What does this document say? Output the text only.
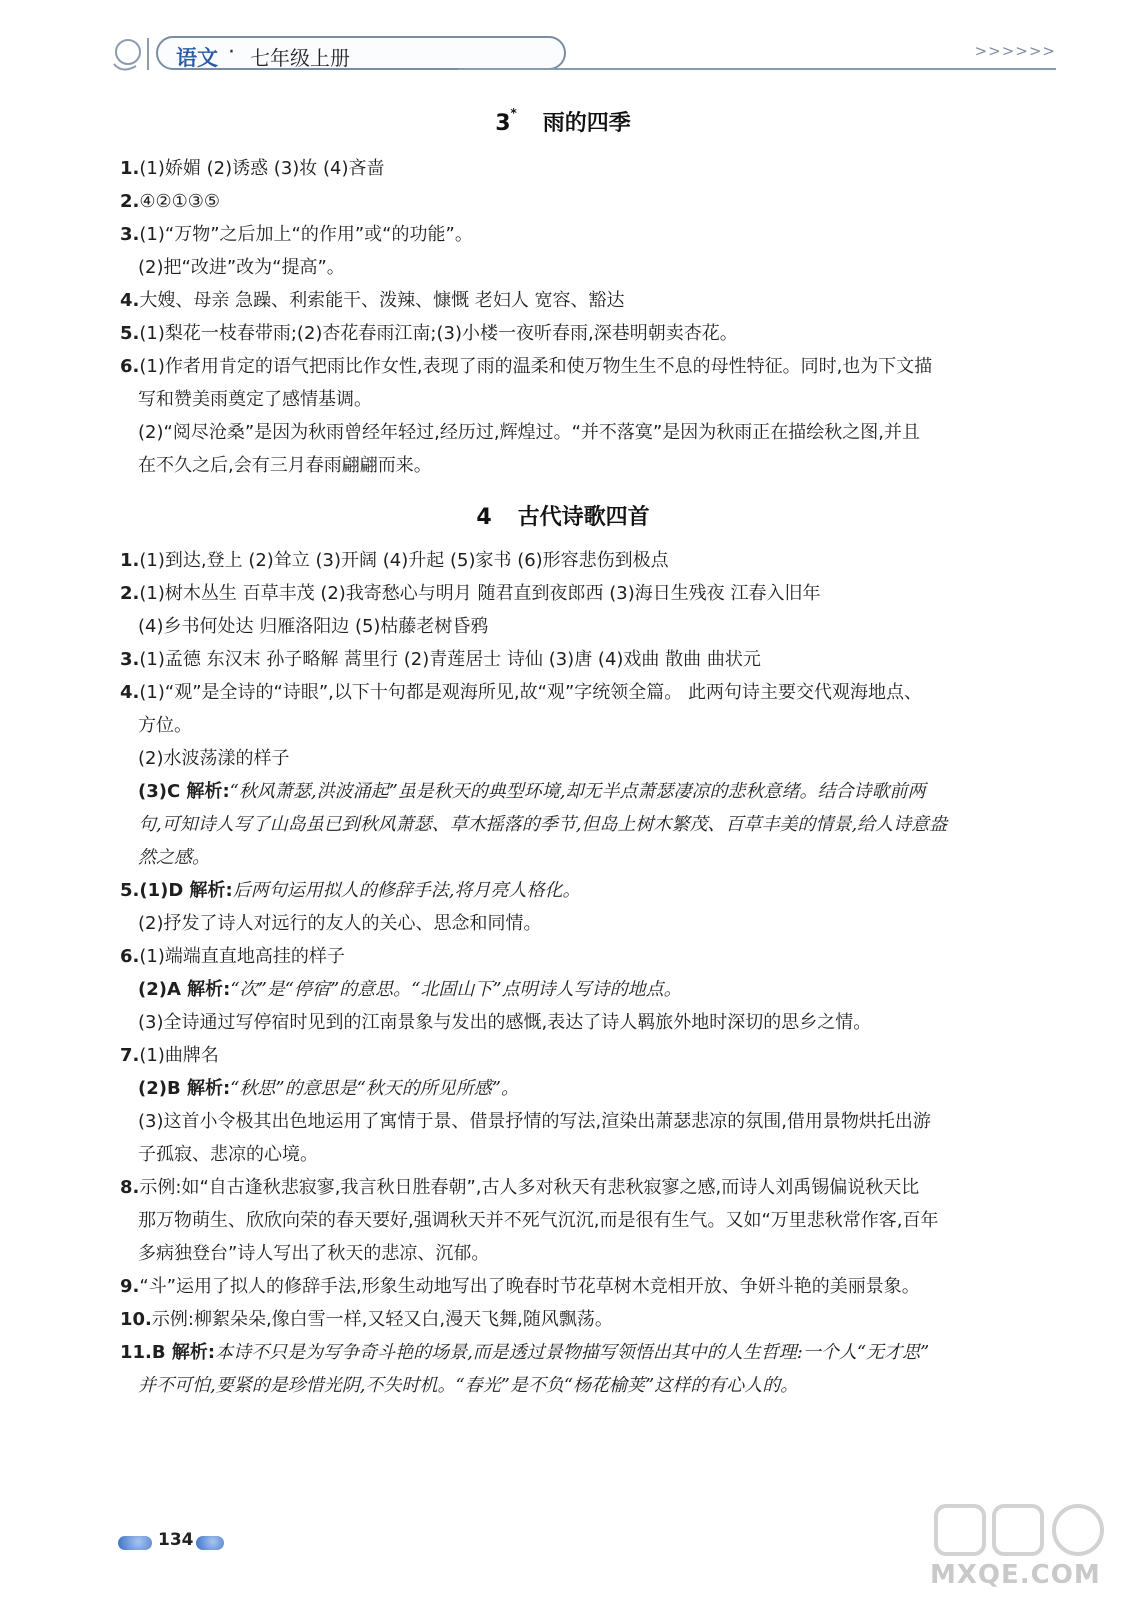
语文 · 七年级上册	>>>>>>
3* 雨的四季
4 古代诗歌四首
1.(1)娇媚 (2)诱惑 (3)妆 (4)吝啬
2.④②①③⑤
3.(1)“万物”之后加上“的作用”或“的功能”。
(2)把“改进”改为“提高”。
4.大嫂、母亲 急躁、利索能干、泼辣、慷慨 老妇人 宽容、豁达
5.(1)梨花一枝春带雨;(2)杏花春雨江南;(3)小楼一夜听春雨,深巷明朝卖杏花。
6.(1)作者用肯定的语气把雨比作女性,表现了雨的温柔和使万物生生不息的母性特征。同时,也为下文描
写和赞美雨奠定了感情基调。
(2)“阅尽沧桑”是因为秋雨曾经年轻过,经历过,辉煌过。“并不落寞”是因为秋雨正在描绘秋之图,并且
在不久之后,会有三月春雨翩翩而来。
1.(1)到达,登上 (2)耸立 (3)开阔 (4)升起 (5)家书 (6)形容悲伤到极点
2.(1)树木丛生 百草丰茂 (2)我寄愁心与明月 随君直到夜郎西 (3)海日生残夜 江春入旧年
(4)乡书何处达 归雁洛阳边 (5)枯藤老树昏鸦
3.(1)孟德 东汉末 孙子略解 蒿里行 (2)青莲居士 诗仙 (3)唐 (4)戏曲 散曲 曲状元
4.(1)“观”是全诗的“诗眼”,以下十句都是观海所见,故“观”字统领全篇。 此两句诗主要交代观海地点、
方位。
(2)水波荡漾的样子
(3)C 解析:“秋风萧瑟,洪波涌起”虽是秋天的典型环境,却无半点萧瑟凄凉的悲秋意绪。结合诗歌前两
句,可知诗人写了山岛虽已到秋风萧瑟、草木摇落的季节,但岛上树木繁茂、百草丰美的情景,给人诗意盎
然之感。
5.(1)D 解析:后两句运用拟人的修辞手法,将月亮人格化。
(2)抒发了诗人对远行的友人的关心、思念和同情。
6.(1)端端直直地高挂的样子
(2)A 解析:“次”是“停宿”的意思。“北固山下”点明诗人写诗的地点。
(3)全诗通过写停宿时见到的江南景象与发出的感慨,表达了诗人羁旅外地时深切的思乡之情。
7.(1)曲牌名
(2)B 解析:“秋思”的意思是“秋天的所见所感”。
(3)这首小令极其出色地运用了寓情于景、借景抒情的写法,渲染出萧瑟悲凉的氛围,借用景物烘托出游
子孤寂、悲凉的心境。
8.示例:如“自古逢秋悲寂寥,我言秋日胜春朝”,古人多对秋天有悲秋寂寥之感,而诗人刘禹锡偏说秋天比
那万物萌生、欣欣向荣的春天要好,强调秋天并不死气沉沉,而是很有生气。又如“万里悲秋常作客,百年
多病独登台”诗人写出了秋天的悲凉、沉郁。
9.“斗”运用了拟人的修辞手法,形象生动地写出了晚春时节花草树木竞相开放、争妍斗艳的美丽景象。
10.示例:柳絮朵朵,像白雪一样,又轻又白,漫天飞舞,随风飘荡。
11.B 解析:本诗不只是为写争奇斗艳的场景,而是透过景物描写领悟出其中的人生哲理:一个人“无才思”
并不可怕,要紧的是珍惜光阴,不失时机。“春光”是不负“杨花榆荚”这样的有心人的。
134
MXQE.COM
